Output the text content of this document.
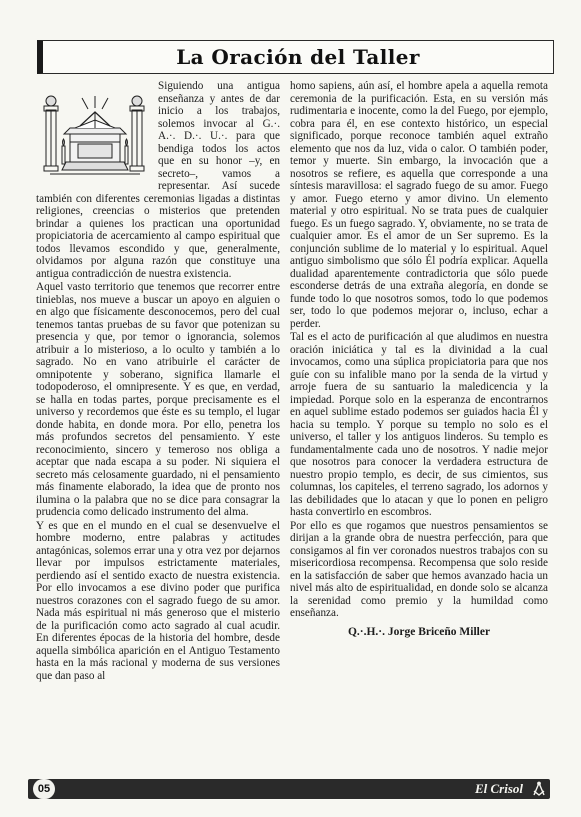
La Oración del Taller

Siguiendo una antigua enseñanza y antes de dar inicio a los trabajos, solemos invocar al G.·. A.·. D.·. U.·. para que bendiga todos los actos que en su honor –y, en secreto–, vamos a representar. Así sucede también con diferentes ceremonias ligadas a distintas religiones, creencias o misterios que pretenden brindar a quienes los practican una oportunidad propiciatoria de acercamiento al campo espiritual que todos llevamos escondido y que, generalmente, olvidamos por alguna razón que constituye una antigua contradicción de nuestra existencia.

Aquel vasto territorio que tenemos que recorrer entre tinieblas, nos mueve a buscar un apoyo en alguien o en algo que físicamente desconocemos, pero del cual tenemos tantas pruebas de su favor que potenizan su presencia y que, por temor o ignorancia, solemos atribuir a lo misterioso, a lo oculto y también a lo sagrado. No en vano atribuirle el carácter de omnipotente y soberano, significa llamarle el todopoderoso, el omnipresente. Y es que, en verdad, se halla en todas partes, porque precisamente es el universo y recordemos que éste es su templo, el lugar donde habita, en donde mora. Por ello, penetra los más profundos secretos del pensamiento. Y este reconocimiento, sincero y temeroso nos obliga a aceptar que nada escapa a su poder. Ni siquiera el secreto más celosamente guardado, ni el pensamiento más finamente elaborado, la idea que de pronto nos ilumina o la palabra que no se dice para consagrar la prudencia como delicado instrumento del alma.

Y es que en el mundo en el cual se desenvuelve el hombre moderno, entre palabras y actitudes antagónicas, solemos errar una y otra vez por dejarnos llevar por impulsos estrictamente materiales, perdiendo así el sentido exacto de nuestra existencia. Por ello invocamos a ese divino poder que purifica nuestros corazones con el sagrado fuego de su amor. Nada más espiritual ni más generoso que el misterio de la purificación como acto sagrado al cual acudir. En diferentes épocas de la historia del hombre, desde aquella simbólica aparición en el Antiguo Testamento hasta en la más racional y moderna de sus versiones que dan paso al

homo sapiens, aún así, el hombre apela a aquella remota ceremonia de la purificación. Esta, en su versión más rudimentaria e inocente, como la del Fuego, por ejemplo, cobra para él, en ese contexto histórico, un especial significado, porque reconoce también aquel extraño elemento que nos da luz, vida o calor. O también poder, temor y muerte. Sin embargo, la invocación que a nosotros se refiere, es aquella que corresponde a una síntesis maravillosa: el sagrado fuego de su amor. Fuego y amor. Fuego eterno y amor divino. Un elemento material y otro espiritual. No se trata pues de cualquier fuego. Es un fuego sagrado. Y, obviamente, no se trata de cualquier amor. Es el amor de un Ser supremo. Es la conjunción sublime de lo material y lo espiritual. Aquel antiguo simbolismo que sólo Él podría explicar. Aquella dualidad aparentemente contradictoria que sólo puede esconderse detrás de una extraña alegoría, en donde se funde todo lo que nosotros somos, todo lo que podemos ser, todo lo que podemos mejorar o, incluso, echar a perder.

Tal es el acto de purificación al que aludimos en nuestra oración iniciática y tal es la divinidad a la cual invocamos, como una súplica propiciatoria para que nos guíe con su infalible mano por la senda de la virtud y arroje fuera de su santuario la maledicencia y la impiedad. Porque solo en la esperanza de encontrarnos en aquel sublime estado podemos ser guiados hacia Él y hacia su templo. Y porque su templo no solo es el universo, el taller y los antiguos linderos. Su templo es fundamentalmente cada uno de nosotros. Y nadie mejor que nosotros para conocer la verdadera estructura de nuestro propio templo, es decir, de sus cimientos, sus columnas, los capiteles, el terreno sagrado, los adornos y las debilidades que lo atacan y que lo ponen en peligro hasta convertirlo en escombros.

Por ello es que rogamos que nuestros pensamientos se dirijan a la grande obra de nuestra perfección, para que consigamos al fin ver coronados nuestros trabajos con su misericordiosa recompensa. Recompensa que solo reside en la satisfacción de saber que hemos avanzado hacia un nivel más alto de espiritualidad, en donde solo se alcanza la serenidad como premio y la humildad como enseñanza.

Q.·.H.·. Jorge Briceño Miller
05	El Crisol
